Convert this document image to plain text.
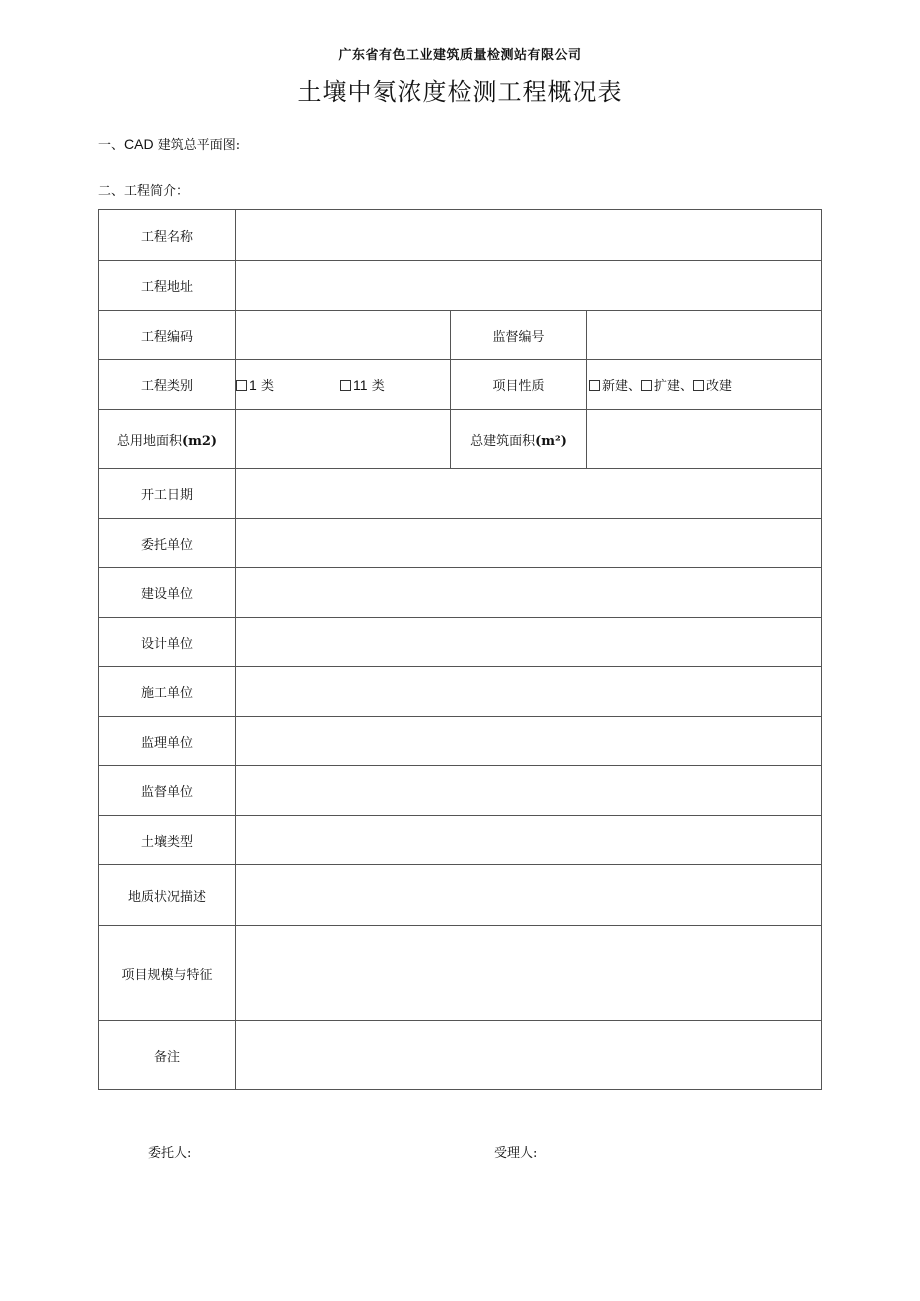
广东省有色工业建筑质量检测站有限公司
土壤中氡浓度检测工程概况表
一、CAD 建筑总平面图:
二、工程简介：
工程名称			
工程地址			
工程编码		监督编号	
工程类别	1 类 11 类	项目性质	新建、 扩建、 改建
总用地面积(m2)		总建筑面积(m²)	
开工日期			
委托单位			
建设单位			
设计单位			
施工单位			
监理单位			
监督单位			
土壤类型			
地质状况描述			
项目规模与特征			
备注			
委托人:	受理人:
